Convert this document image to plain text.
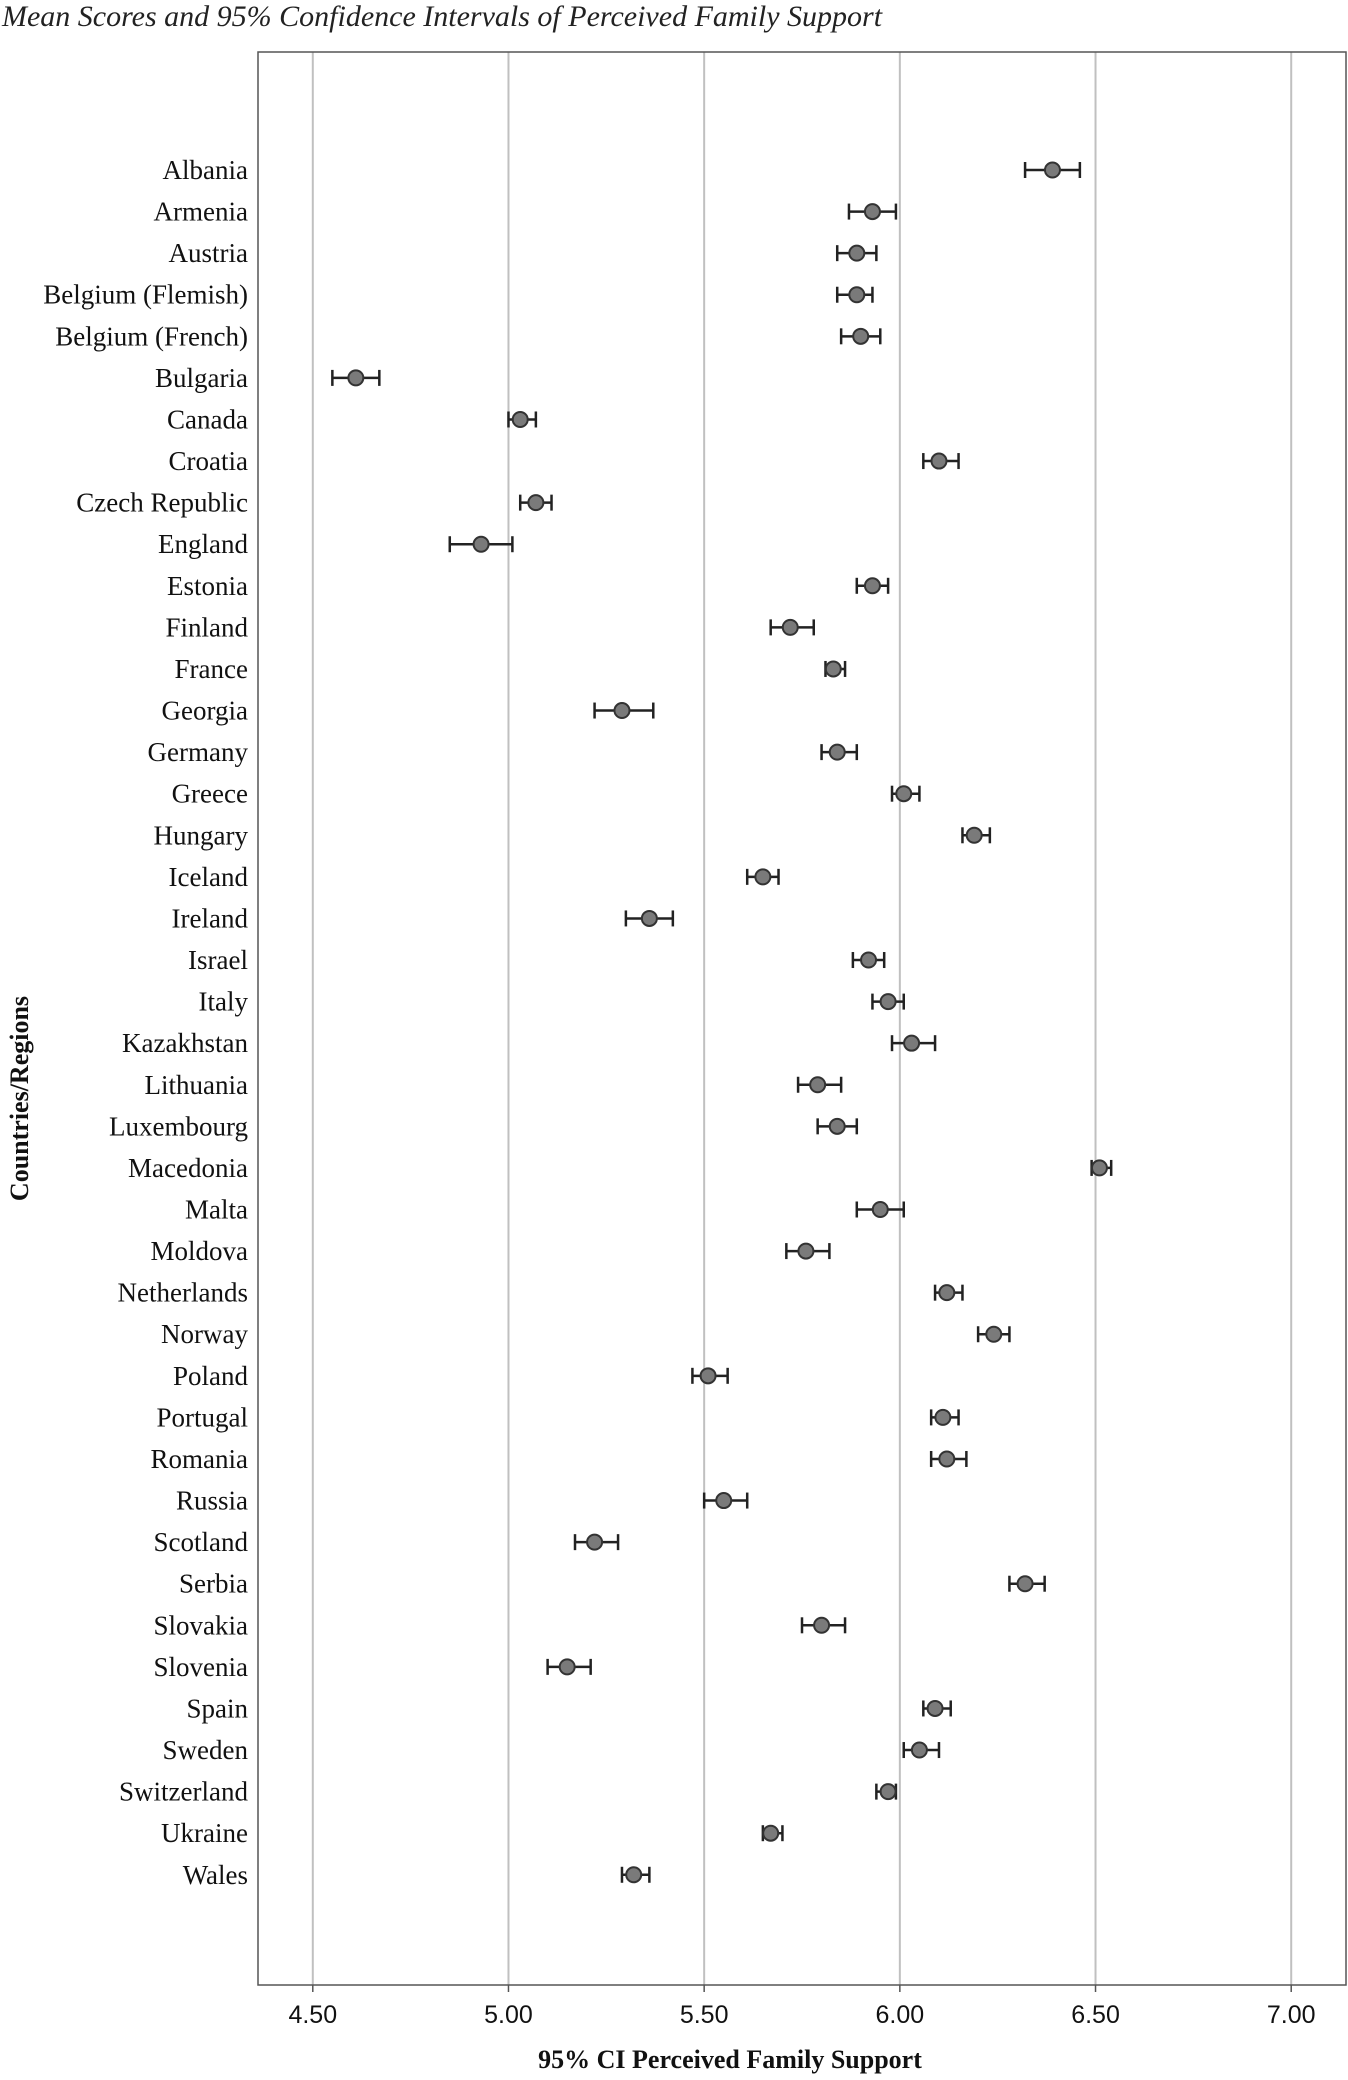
Mean Scores and 95% Confidence Intervals of Perceived Family Support
4.50	5.00	5.50	6.00	6.50	7.00
Albania
Armenia
Austria
Belgium (Flemish)
Belgium (French)
Bulgaria
Canada
Croatia
Czech Republic
England
Estonia
Finland
France
Georgia
Germany
Greece
Hungary
Iceland
Ireland
Israel
Italy
Kazakhstan
Lithuania
Luxembourg
Macedonia
Malta
Moldova
Netherlands
Norway
Poland
Portugal
Romania
Russia
Scotland
Serbia
Slovakia
Slovenia
Spain
Sweden
Switzerland
Ukraine
Wales
95% CI Perceived Family Support
Countries/Regions
